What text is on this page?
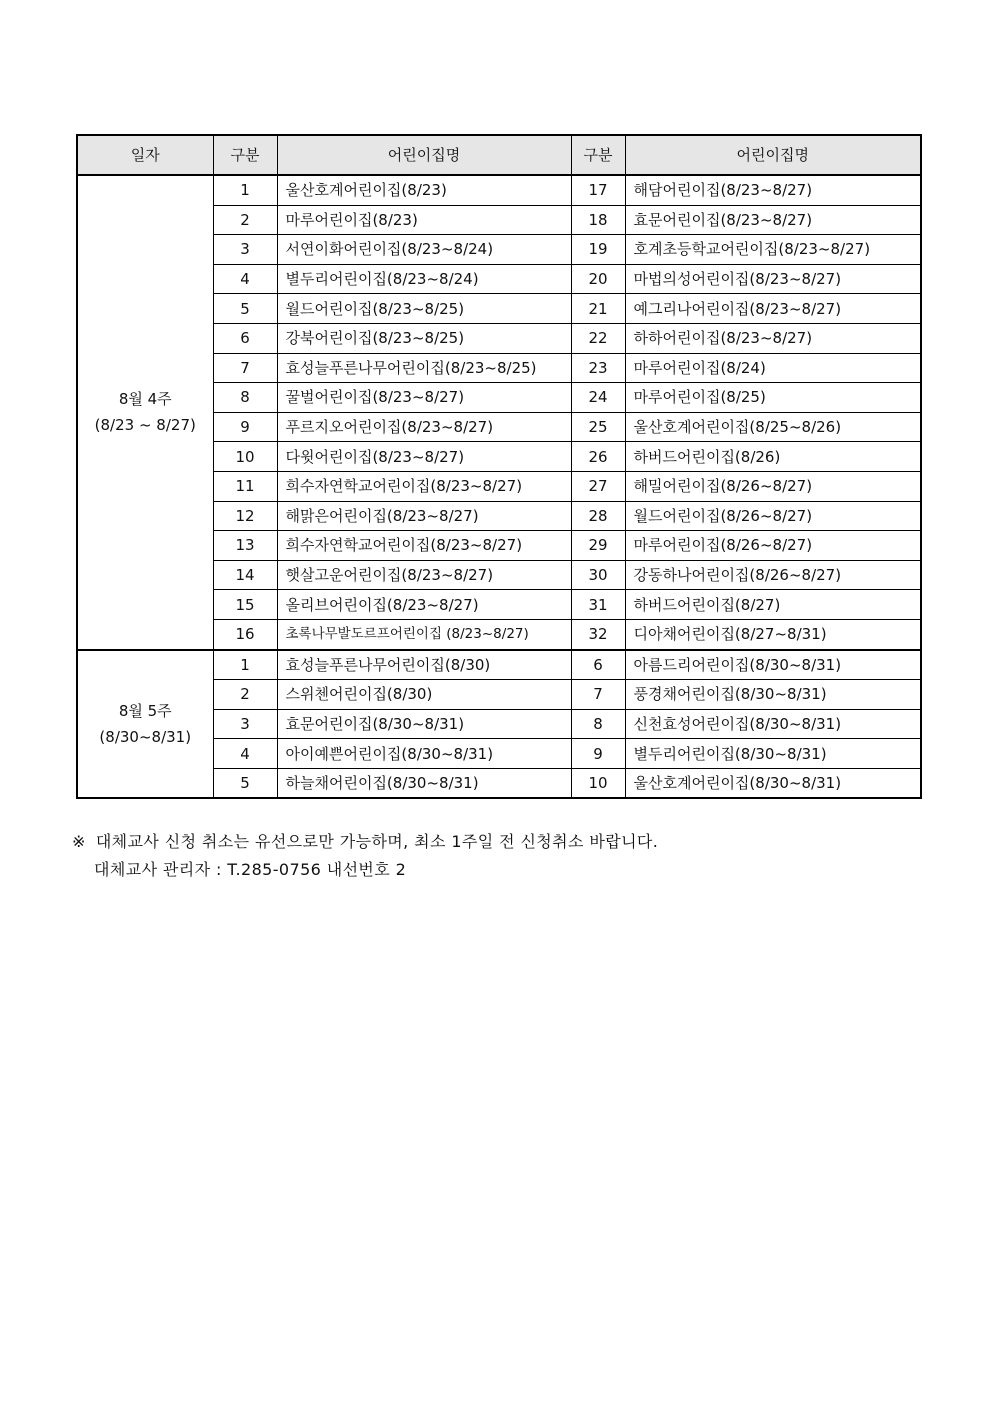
일자	구분	어린이집명	구분	어린이집명

8월 4주
(8/23 ~ 8/27)	1	울산호계어린이집(8/23)	17	해담어린이집(8/23~8/27)
	2	마루어린이집(8/23)	18	효문어린이집(8/23~8/27)
	3	서연이화어린이집(8/23~8/24)	19	호계초등학교어린이집(8/23~8/27)
	4	별두리어린이집(8/23~8/24)	20	마법의성어린이집(8/23~8/27)
	5	월드어린이집(8/23~8/25)	21	예그리나어린이집(8/23~8/27)
	6	강북어린이집(8/23~8/25)	22	하하어린이집(8/23~8/27)
	7	효성늘푸른나무어린이집(8/23~8/25)	23	마루어린이집(8/24)
	8	꿀벌어린이집(8/23~8/27)	24	마루어린이집(8/25)
	9	푸르지오어린이집(8/23~8/27)	25	울산호계어린이집(8/25~8/26)
	10	다윗어린이집(8/23~8/27)	26	하버드어린이집(8/26)
	11	희수자연학교어린이집(8/23~8/27)	27	해밀어린이집(8/26~8/27)
	12	해맑은어린이집(8/23~8/27)	28	월드어린이집(8/26~8/27)
	13	희수자연학교어린이집(8/23~8/27)	29	마루어린이집(8/26~8/27)
	14	햇살고운어린이집(8/23~8/27)	30	강동하나어린이집(8/26~8/27)
	15	올리브어린이집(8/23~8/27)	31	하버드어린이집(8/27)
	16	초록나무발도르프어린이집 (8/23~8/27)	32	디아채어린이집(8/27~8/31)

8월 5주
(8/30~8/31)	1	효성늘푸른나무어린이집(8/30)	6	아름드리어린이집(8/30~8/31)
	2	스위첸어린이집(8/30)	7	풍경채어린이집(8/30~8/31)
	3	효문어린이집(8/30~8/31)	8	신천효성어린이집(8/30~8/31)
	4	아이예쁜어린이집(8/30~8/31)	9	별두리어린이집(8/30~8/31)
	5	하늘채어린이집(8/30~8/31)	10	울산호계어린이집(8/30~8/31)
※ 대체교사 신청 취소는 유선으로만 가능하며, 최소 1주일 전 신청취소 바랍니다.
대체교사 관리자 : T.285-0756 내선번호 2
